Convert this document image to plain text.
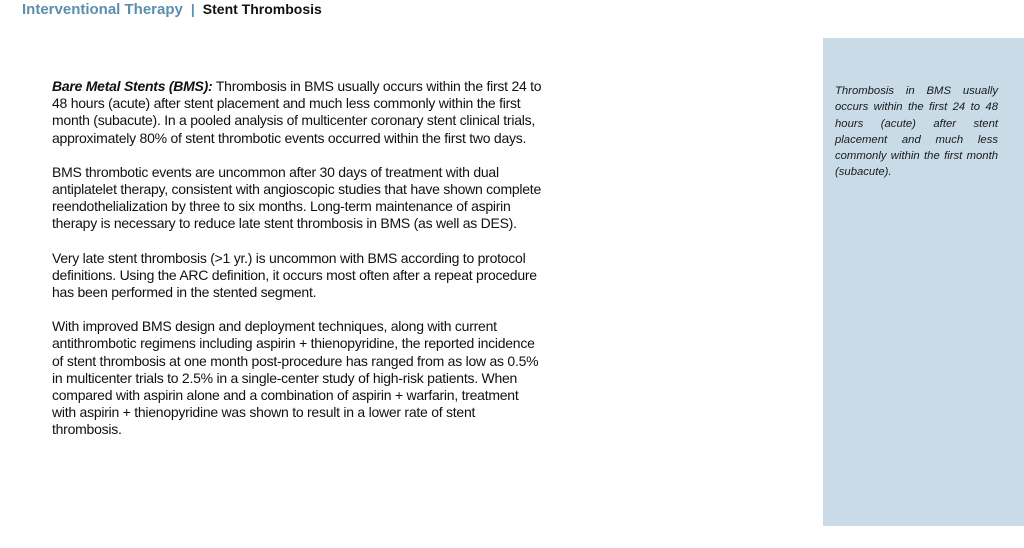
Interventional Therapy | Stent Thrombosis

Bare Metal Stents (BMS): Thrombosis in BMS usually occurs within the first 24 to 48 hours (acute) after stent placement and much less commonly within the first month (subacute). In a pooled analysis of multicenter coronary stent clinical trials, approximately 80% of stent thrombotic events occurred within the first two days.

BMS thrombotic events are uncommon after 30 days of treatment with dual antiplatelet therapy, consistent with angioscopic studies that have shown complete reendothelialization by three to six months. Long-term maintenance of aspirin therapy is necessary to reduce late stent thrombosis in BMS (as well as DES).

Very late stent thrombosis (>1 yr.) is uncommon with BMS according to protocol definitions. Using the ARC definition, it occurs most often after a repeat procedure has been performed in the stented segment.

With improved BMS design and deployment techniques, along with current antithrombotic regimens including aspirin + thienopyridine, the reported incidence of stent thrombosis at one month post-procedure has ranged from as low as 0.5% in multicenter trials to 2.5% in a single-center study of high-risk patients. When compared with aspirin alone and a combination of aspirin + warfarin, treatment with aspirin + thienopyridine was shown to result in a lower rate of stent thrombosis.

Thrombosis in BMS usually occurs within the first 24 to 48 hours (acute) after stent placement and much less commonly within the first month (subacute).
